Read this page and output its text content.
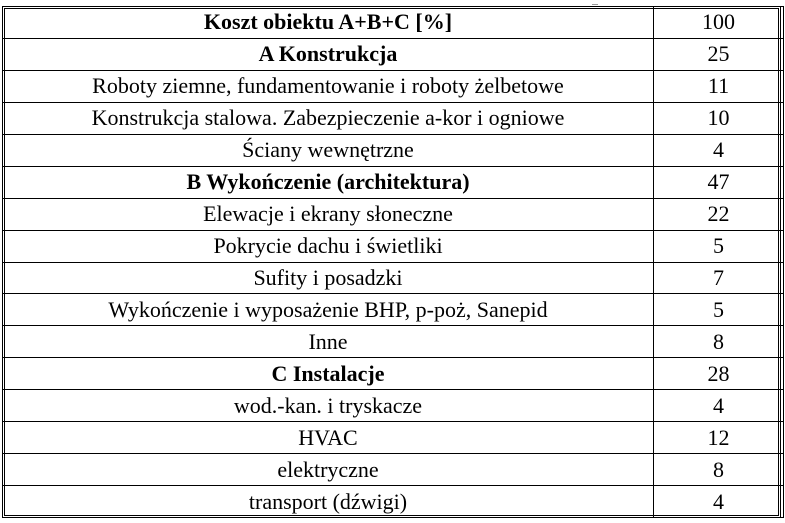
Koszt obiektu A+B+C [%]	100
A Konstrukcja	25
Roboty ziemne, fundamentowanie i roboty żelbetowe	11
Konstrukcja stalowa. Zabezpieczenie a-kor i ogniowe	10
Ściany wewnętrzne	4
B Wykończenie (architektura)	47
Elewacje i ekrany słoneczne	22
Pokrycie dachu i świetliki	5
Sufity i posadzki	7
Wykończenie i wyposażenie BHP, p-poż, Sanepid	5
Inne	8
C Instalacje	28
wod.-kan. i tryskacze	4
HVAC	12
elektryczne	8
transport (dźwigi)	4
